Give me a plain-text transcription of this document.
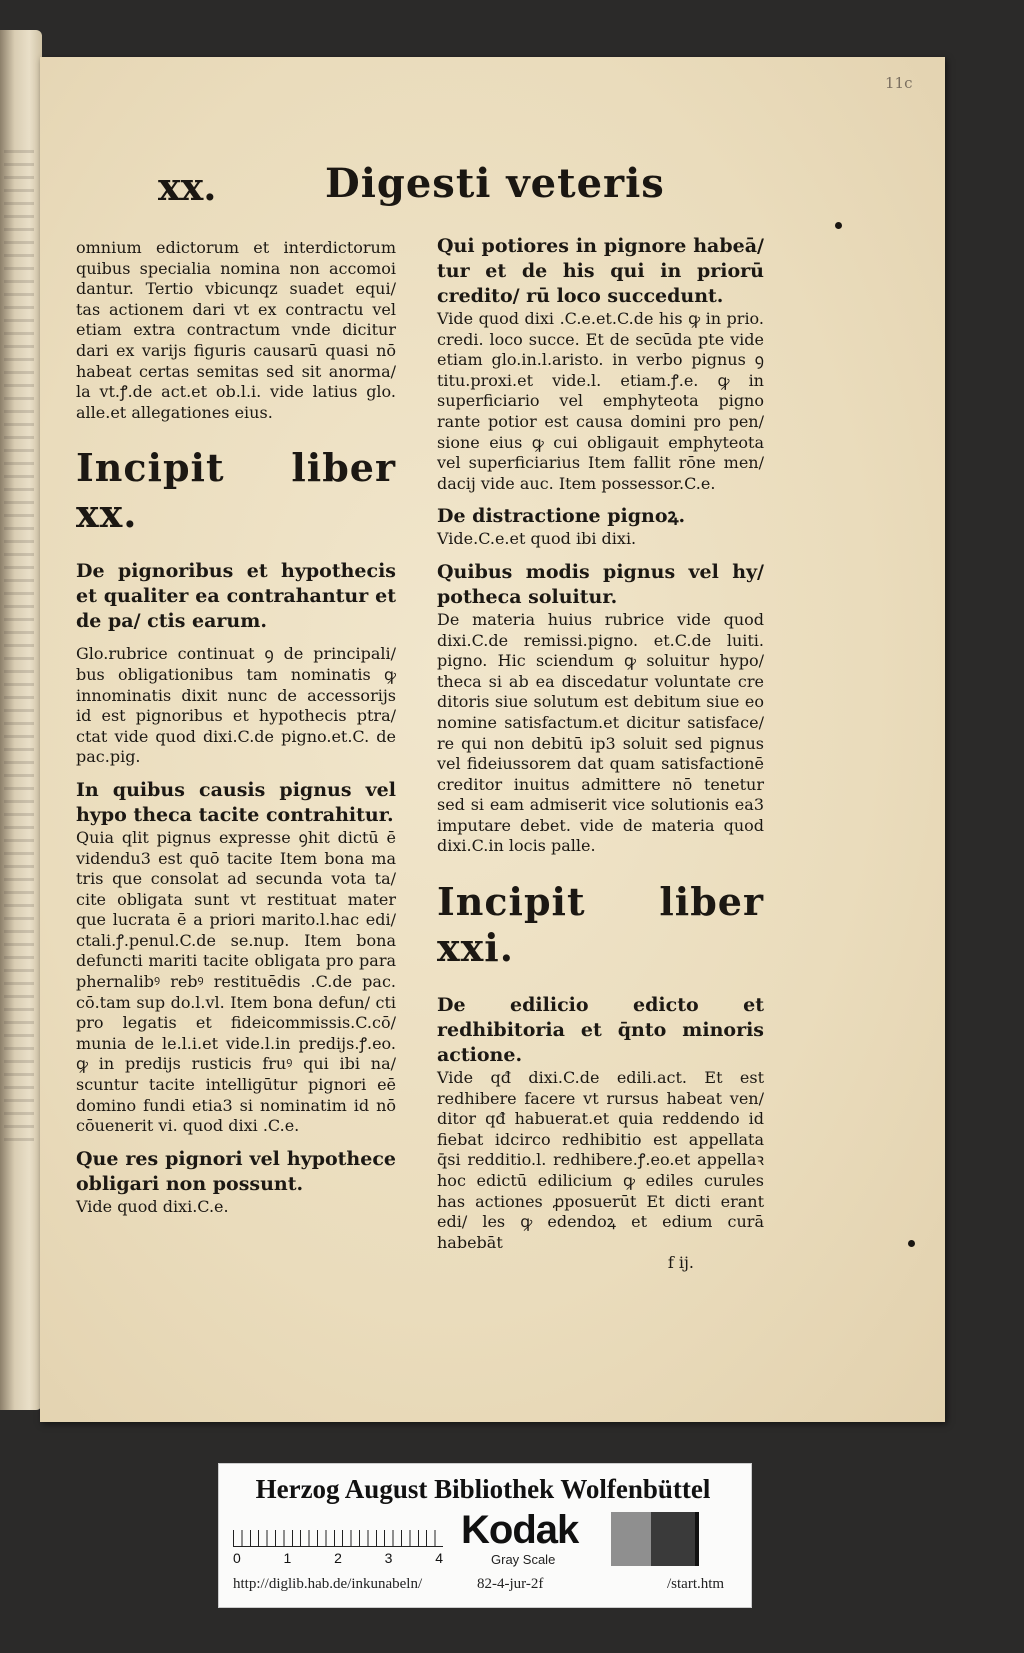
11c
xx.	Digesti veteris

omnium edictorum et interdictorum quibus specialia nomina non accomoi dantur. Tertio vbicunqz suadet equi/ tas actionem dari vt ex contractu vel etiam extra contractum vnde dicitur dari ex varijs figuris causarū quasi nō habeat certas semitas sed sit anorma/ la vt.ꝭ.de act.et ob.l.i. vide latius glo. alle.et allegationes eius.

Incipit liber xx.

De pignoribus et hypothecis et qualiter ea contrahantur et de pa/ ctis earum.

Glo.rubrice continuat ꝯ de principali/ bus obligationibus tam nominatis ꝙ innominatis dixit nunc de accessorijs id est pignoribus et hypothecis ptra/ ctat vide quod dixi.C.de pigno.et.C. de pac.pig.

In quibus causis pignus vel hypo theca tacite contrahitur.

Quia qlit pignus expresse ꝯhit dictū ē videndu3 est quō tacite Item bona ma tris que consolat ad secunda vota ta/ cite obligata sunt vt restituat mater que lucrata ē a priori marito.l.hac edi/ ctali.ꝭ.penul.C.de se.nup. Item bona defuncti mariti tacite obligata pro para phernalibꝰ rebꝰ restituēdis .C.de pac. cō.tam sup do.l.vl. Item bona defun/ cti pro legatis et fideicommissis.C.cō/ munia de le.l.i.et vide.l.in predijs.ꝭ.eo. ꝙ in predijs rusticis fruꝰ qui ibi na/ scuntur tacite intelligūtur pignori eē domino fundi etia3 si nominatim id nō cōuenerit vi. quod dixi .C.e.

Que res pignori vel hypothece obligari non possunt.

Vide quod dixi.C.e.

Qui potiores in pignore habeā/ tur et de his qui in priorū credito/ rū loco succedunt.

Vide quod dixi .C.e.et.C.de his ꝙ in prio. credi. loco succe. Et de secūda pte vide etiam glo.in.l.aristo. in verbo pignus ꝯ titu.proxi.et vide.l. etiam.ꝭ.e. ꝙ in superficiario vel emphyteota pigno rante potior est causa domini pro pen/ sione eius ꝙ cui obligauit emphyteota vel superficiarius Item fallit rōne men/ dacij vide auc. Item possessor.C.e.

De distractione pignoꝝ.

Vide.C.e.et quod ibi dixi.

Quibus modis pignus vel hy/ potheca soluitur.

De materia huius rubrice vide quod dixi.C.de remissi.pigno. et.C.de luiti. pigno. Hic sciendum ꝙ soluitur hypo/ theca si ab ea discedatur voluntate cre ditoris siue solutum est debitum siue eo nomine satisfactum.et dicitur satisface/ re qui non debitū ip3 soluit sed pignus vel fideiussorem dat quam satisfactionē creditor inuitus admittere nō tenetur sed si eam admiserit vice solutionis ea3 imputare debet. vide de materia quod dixi.C.in locis palle.

Incipit liber xxi.

De edilicio edicto et redhibitoria et q̄nto minoris actione.

Vide qđ dixi.C.de edili.act. Et est redhibere facere vt rursus habeat ven/ ditor qđ habuerat.et quia reddendo id fiebat idcirco redhibitio est appellata q̄si redditio.l. redhibere.ꝭ.eo.et appellaꝛ hoc edictū edilicium ꝙ ediles curules has actiones ꝓposuerūt Et dicti erant edi/ les ꝙ edendoꝝ et edium curā habebāt

f ij.

Herzog August Bibliothek Wolfenbüttel
0	1	2	3	4
Kodak
Gray Scale
http://diglib.hab.de/inkunabeln/	82-4-jur-2f	/start.htm
